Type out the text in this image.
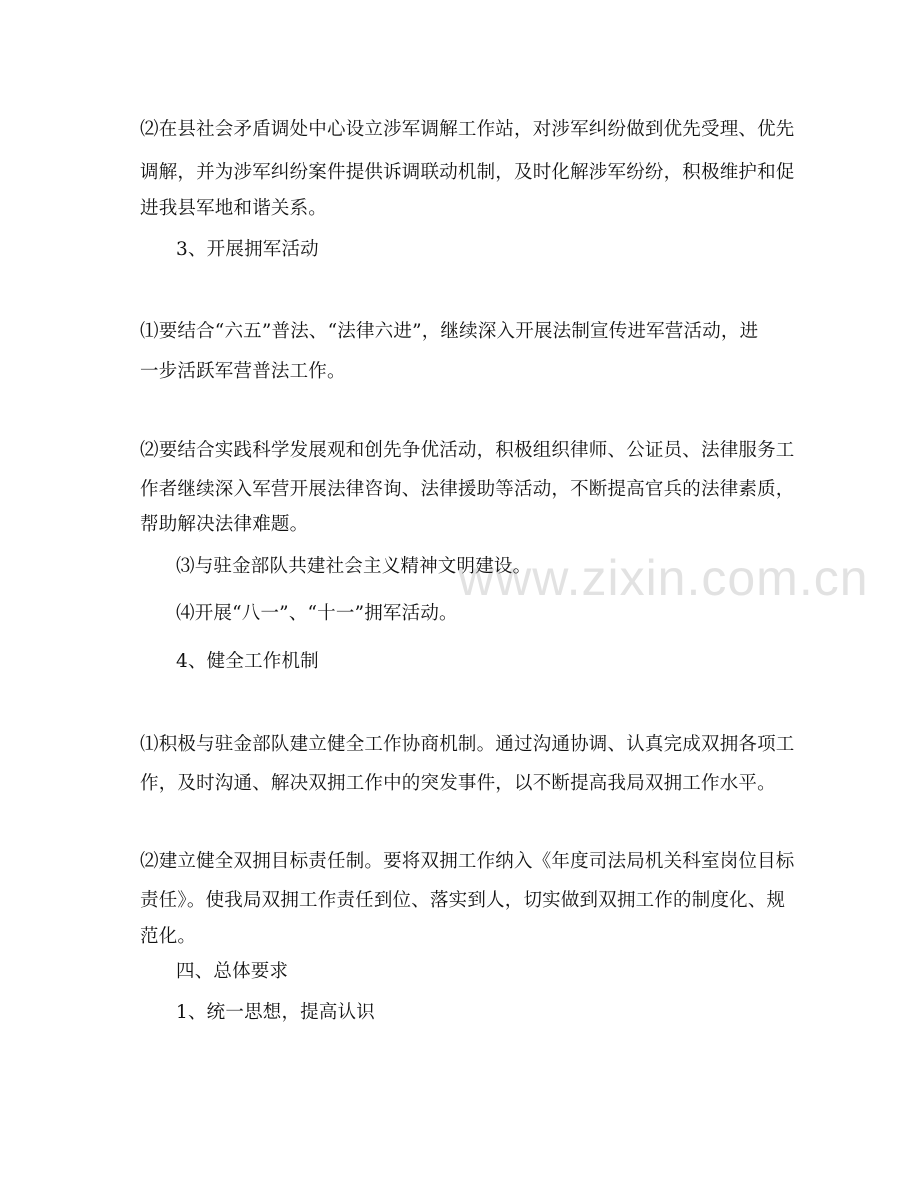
www.zixin.com.cn
⑵在县社会矛盾调处中心设立涉军调解工作站，对涉军纠纷做到优先受理、优先
调解，并为涉军纠纷案件提供诉调联动机制，及时化解涉军纷纷，积极维护和促
进我县军地和谐关系。
3、开展拥军活动
⑴要结合“六五”普法、“法律六进”，继续深入开展法制宣传进军营活动，进
一步活跃军营普法工作。
⑵要结合实践科学发展观和创先争优活动，积极组织律师、公证员、法律服务工
作者继续深入军营开展法律咨询、法律援助等活动，不断提高官兵的法律素质，
帮助解决法律难题。
⑶与驻金部队共建社会主义精神文明建设。
⑷开展“八一”、“十一”拥军活动。
4、健全工作机制
⑴积极与驻金部队建立健全工作协商机制。通过沟通协调、认真完成双拥各项工
作，及时沟通、解决双拥工作中的突发事件，以不断提高我局双拥工作水平。
⑵建立健全双拥目标责任制。要将双拥工作纳入《年度司法局机关科室岗位目标
责任》。使我局双拥工作责任到位、落实到人，切实做到双拥工作的制度化、规
范化。
四、总体要求
1、统一思想，提高认识
